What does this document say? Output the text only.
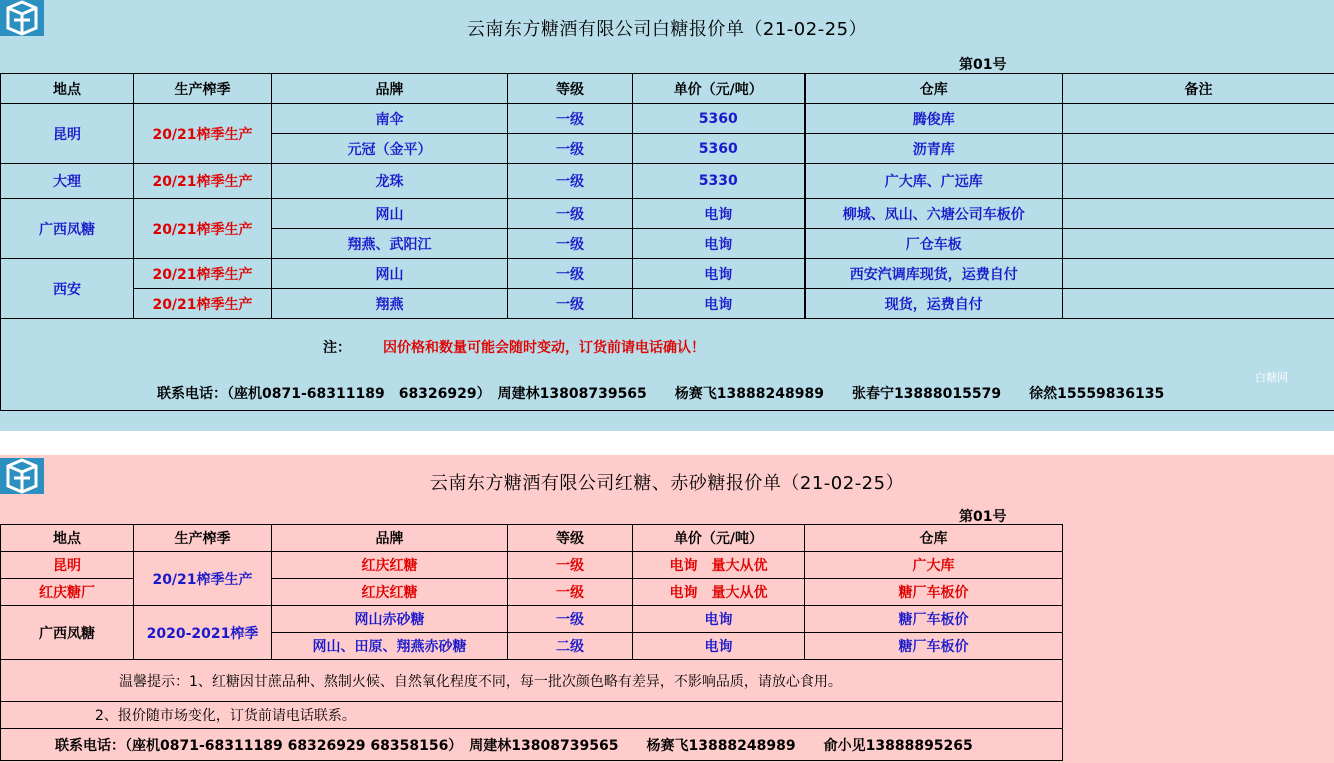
云南东方糖酒有限公司白糖报价单（21-02-25）
第01号
地点	生产榨季	品牌	等级	单价（元/吨）	仓库	备注
昆明	20/21榨季生产	南伞	一级	5360	腾俊库	
		元冠（金平）	一级	5360	沥青库	
大理	20/21榨季生产	龙珠	一级	5330	广大库、广远库	
广西凤糖	20/21榨季生产	网山	一级	电询	柳城、凤山、六塘公司车板价	
		翔燕、武阳江	一级	电询	厂仓车板	
西安	20/21榨季生产	网山	一级	电询	西安汽调库现货，运费自付	
	20/21榨季生产	翔燕	一级	电询	现货，运费自付	

注： 因价格和数量可能会随时变动，订货前请电话确认！
联系电话：（座机0871-68311189　68326929）　周建林13808739565　　杨赛飞13888248989　　张春宁13888015579　　徐然15559836135
白糖网						
云南东方糖酒有限公司红糖、赤砂糖报价单（21-02-25）
第01号
地点	生产榨季	品牌	等级	单价（元/吨）	仓库
昆明	20/21榨季生产	红庆红糖	一级	电询　量大从优	广大库
红庆糖厂		红庆红糖	一级	电询　量大从优	糖厂车板价
广西凤糖	2020-2021榨季	网山赤砂糖	一级	电询	糖厂车板价
		网山、田原、翔燕赤砂糖	二级	电询	糖厂车板价
温馨提示：1、红糖因甘蔗品种、熬制火候、自然氧化程度不同，每一批次颜色略有差异，不影响品质，请放心食用。					
2、报价随市场变化，订货前请电话联系。					
联系电话：（座机0871-68311189 68326929 68358156）　周建林13808739565　　杨赛飞13888248989　　俞小见13888895265					
